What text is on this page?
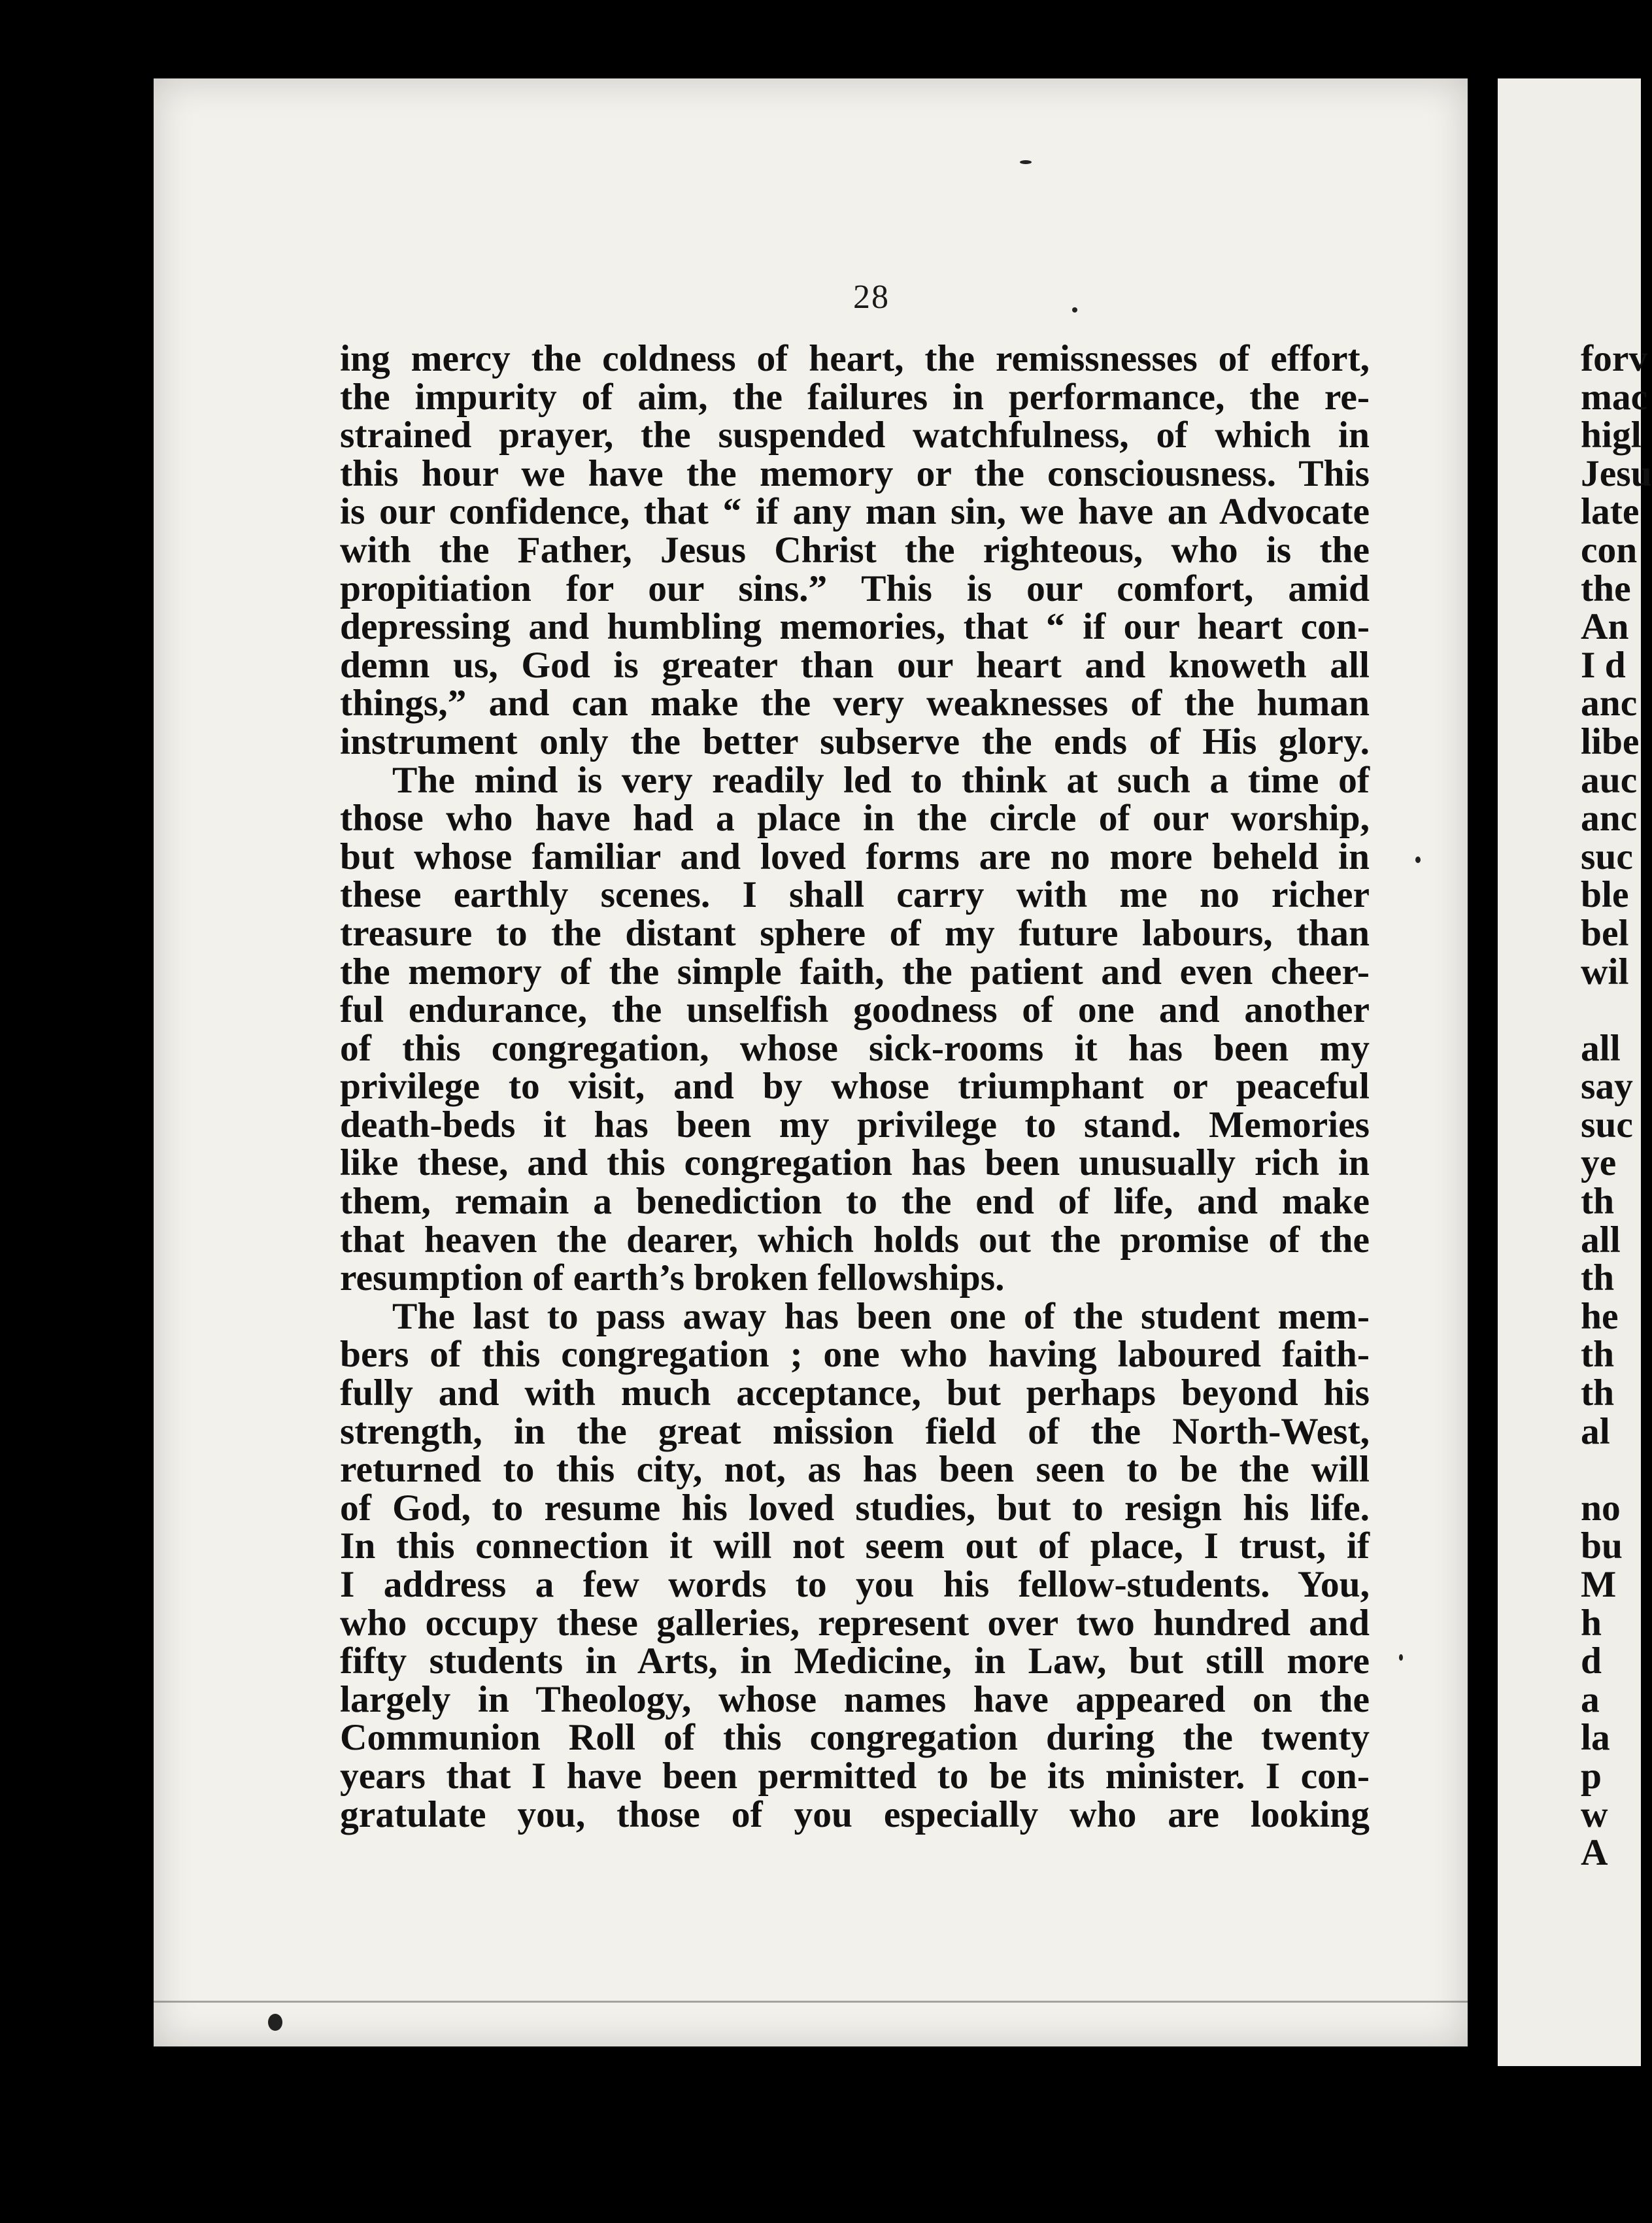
28
ing mercy the coldness of heart, the remissnesses of effort,
the impurity of aim, the failures in performance, the re-
strained prayer, the suspended watchfulness, of which in
this hour we have the memory or the consciousness. This
is our confidence, that “ if any man sin, we have an Advocate
with the Father, Jesus Christ the righteous, who is the
propitiation for our sins.” This is our comfort, amid
depressing and humbling memories, that “ if our heart con-
demn us, God is greater than our heart and knoweth all
things,” and can make the very weaknesses of the human
instrument only the better subserve the ends of His glory.
The mind is very readily led to think at such a time of
those who have had a place in the circle of our worship,
but whose familiar and loved forms are no more beheld in
these earthly scenes. I shall carry with me no richer
treasure to the distant sphere of my future labours, than
the memory of the simple faith, the patient and even cheer-
ful endurance, the unselfish goodness of one and another
of this congregation, whose sick-rooms it has been my
privilege to visit, and by whose triumphant or peaceful
death-beds it has been my privilege to stand. Memories
like these, and this congregation has been unusually rich in
them, remain a benediction to the end of life, and make
that heaven the dearer, which holds out the promise of the
resumption of earth’s broken fellowships.
The last to pass away has been one of the student mem-
bers of this congregation ; one who having laboured faith-
fully and with much acceptance, but perhaps beyond his
strength, in the great mission field of the North-West,
returned to this city, not, as has been seen to be the will
of God, to resume his loved studies, but to resign his life.
In this connection it will not seem out of place, I trust, if
I address a few words to you his fellow-students. You,
who occupy these galleries, represent over two hundred and
fifty students in Arts, in Medicine, in Law, but still more
largely in Theology, whose names have appeared on the
Communion Roll of this congregation during the twenty
years that I have been permitted to be its minister. I con-
gratulate you, those of you especially who are looking
forv
mac
higl
Jesu
late
con
the
An
I d
anc
libe
auc
anc
suc
ble
bel
wil
all
say
suc
ye
th
all
th
he
th
th
al
no
bu
M
h
d
a
la
p
w
A
